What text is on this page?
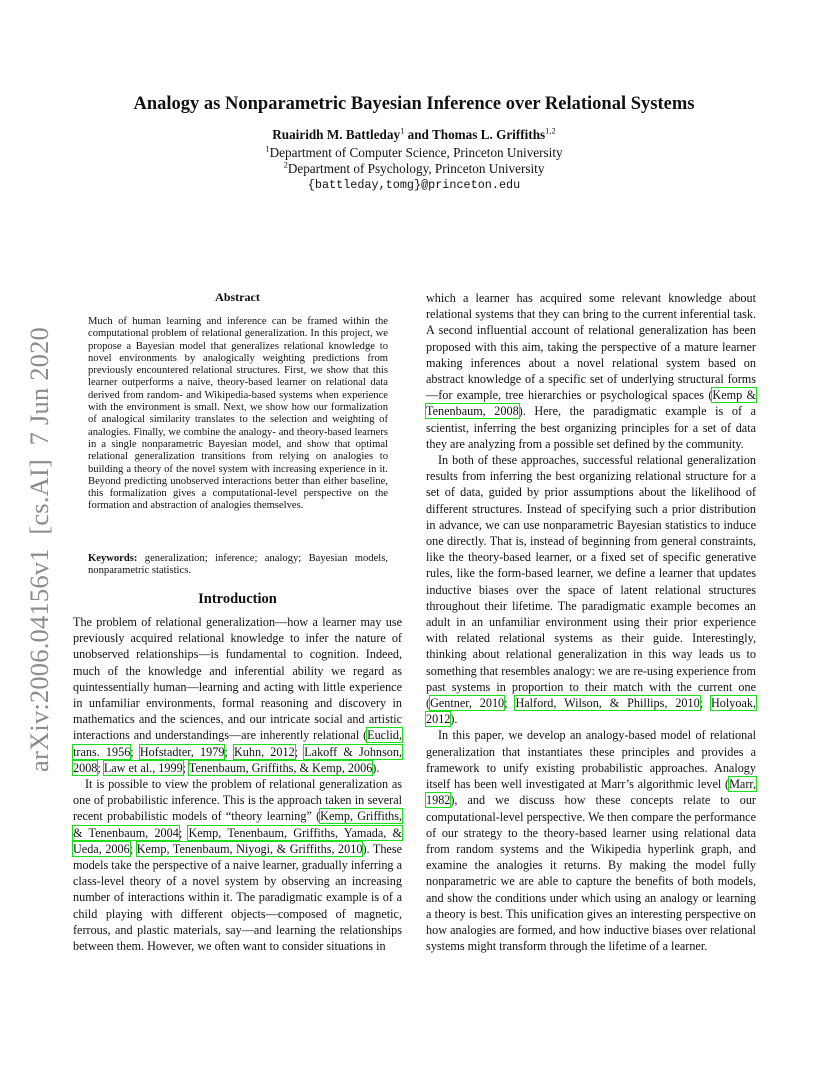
Analogy as Nonparametric Bayesian Inference over Relational Systems
Ruairidh M. Battleday$^1$ and Thomas L. Griffiths$^{1,2}$
$^1$Department of Computer Science, Princeton University
$^2$Department of Psychology, Princeton University
{battleday,tomg}@princeton.edu
arXiv:2006.04156v1  [cs.AI]  7 Jun 2020
Abstract
Much of human learning and inference can be framed within the computational problem of relational generalization. In this project, we propose a Bayesian model that generalizes relational knowledge to novel environments by analogically weighting predictions from previously encountered relational structures. First, we show that this learner outperforms a naive, theory-based learner on relational data derived from random- and Wikipedia-based systems when experience with the environment is small. Next, we show how our formalization of analogical similarity translates to the selection and weighting of analogies. Finally, we combine the analogy- and theory-based learners in a single nonparametric Bayesian model, and show that optimal relational generalization transitions from relying on analogies to building a theory of the novel system with increasing experience in it. Beyond predicting unobserved interactions better than either baseline, this formalization gives a computational-level perspective on the formation and abstraction of analogies themselves.
Keywords: generalization; inference; analogy; Bayesian models, nonparametric statistics.
Introduction

The problem of relational generalization—how a learner may use previously acquired relational knowledge to infer the nature of unobserved relationships—is fundamental to cognition. Indeed, much of the knowledge and inferential ability we regard as quintessentially human—learning and acting with little experience in unfamiliar environments, formal reasoning and discovery in mathematics and the sciences, and our intricate social and artistic interactions and understandings—are inherently relational (Euclid, trans. 1956; Hofstadter, 1979; Kuhn, 2012; Lakoff & Johnson, 2008; Law et al., 1999; Tenenbaum, Griffiths, & Kemp, 2006).

It is possible to view the problem of relational generalization as one of probabilistic inference. This is the approach taken in several recent probabilistic models of “theory learning” (Kemp, Griffiths, & Tenenbaum, 2004; Kemp, Tenenbaum, Griffiths, Yamada, & Ueda, 2006; Kemp, Tenenbaum, Niyogi, & Griffiths, 2010). These models take the perspective of a naive learner, gradually inferring a class-level theory of a novel system by observing an increasing number of interactions within it. The paradigmatic example is of a child playing with different objects—composed of magnetic, ferrous, and plastic materials, say—and learning the relationships between them. However, we often want to consider situations in

which a learner has acquired some relevant knowledge about relational systems that they can bring to the current inferential task. A second influential account of relational generalization has been proposed with this aim, taking the perspective of a mature learner making inferences about a novel relational system based on abstract knowledge of a specific set of underlying structural forms—for example, tree hierarchies or psychological spaces (Kemp & Tenenbaum, 2008). Here, the paradigmatic example is of a scientist, inferring the best organizing principles for a set of data they are analyzing from a possible set defined by the community.

In both of these approaches, successful relational generalization results from inferring the best organizing relational structure for a set of data, guided by prior assumptions about the likelihood of different structures. Instead of specifying such a prior distribution in advance, we can use nonparametric Bayesian statistics to induce one directly. That is, instead of beginning from general constraints, like the theory-based learner, or a fixed set of specific generative rules, like the form-based learner, we define a learner that updates inductive biases over the space of latent relational structures throughout their lifetime. The paradigmatic example becomes an adult in an unfamiliar environment using their prior experience with related relational systems as their guide. Interestingly, thinking about relational generalization in this way leads us to something that resembles analogy: we are re-using experience from past systems in proportion to their match with the current one (Gentner, 2010; Halford, Wilson, & Phillips, 2010; Holyoak, 2012).

In this paper, we develop an analogy-based model of relational generalization that instantiates these principles and provides a framework to unify existing probabilistic approaches. Analogy itself has been well investigated at Marr’s algorithmic level (Marr, 1982), and we discuss how these concepts relate to our computational-level perspective. We then compare the performance of our strategy to the theory-based learner using relational data from random systems and the Wikipedia hyperlink graph, and examine the analogies it returns. By making the model fully nonparametric we are able to capture the benefits of both models, and show the conditions under which using an analogy or learning a theory is best. This unification gives an interesting perspective on how analogies are formed, and how inductive biases over relational systems might transform through the lifetime of a learner.
